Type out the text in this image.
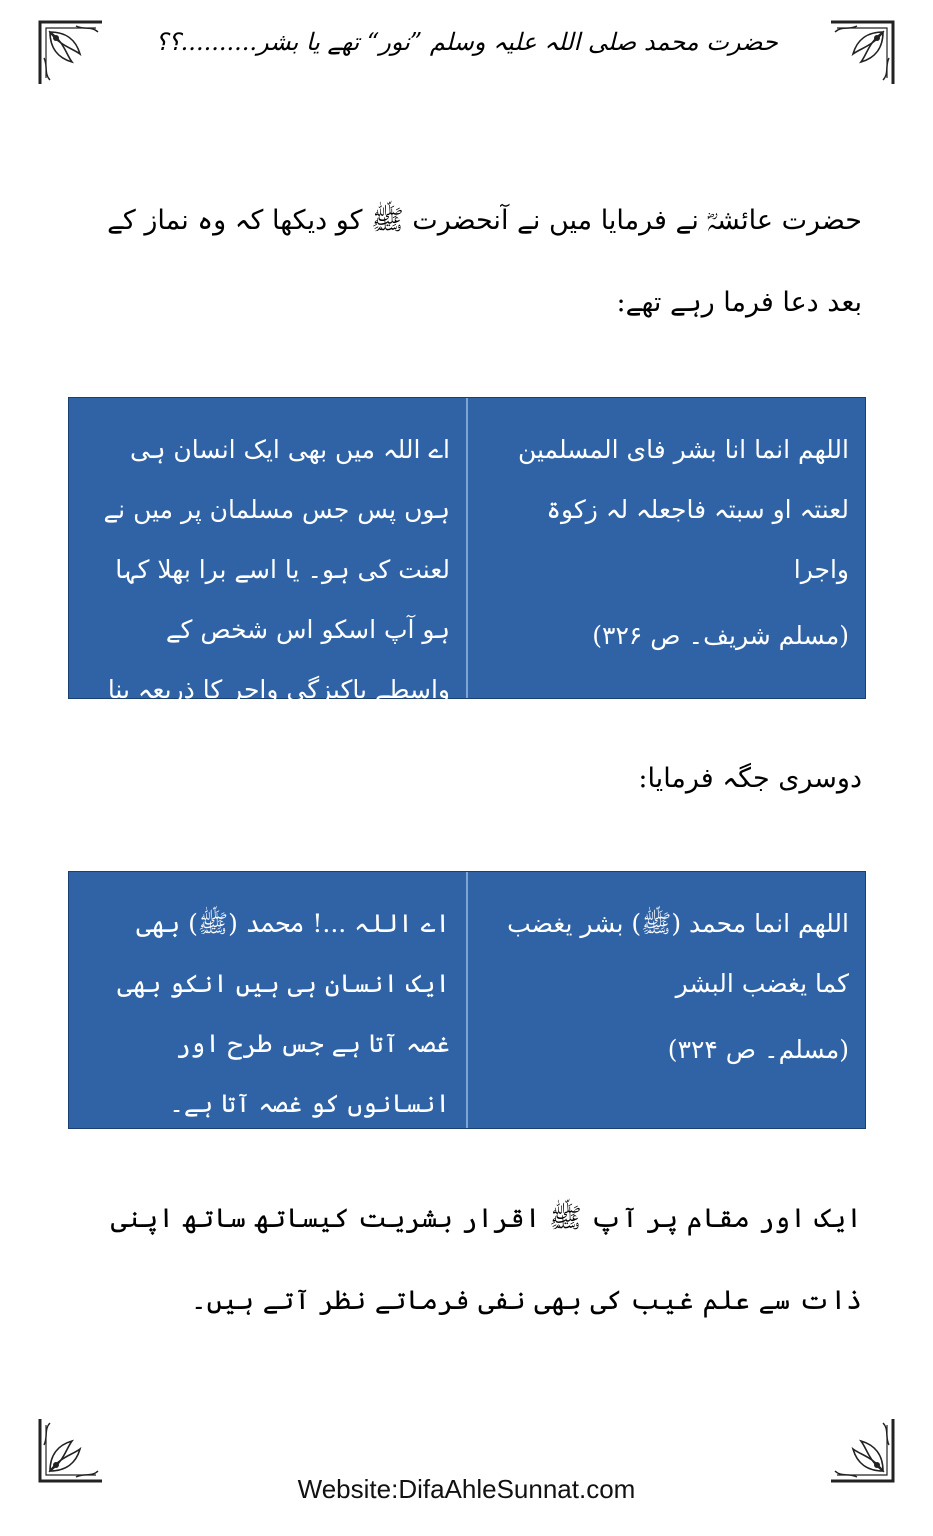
حضرت محمد صلی اللہ علیہ وسلم ”نور“ تھے یا بشر..........؟؟
حضرت عائشہؓ نے فرمایا میں نے آنحضرت ﷺ کو دیکھا کہ وہ نماز کے بعد دعا فرما رہے تھے:
اللھم انما انا بشر فای المسلمین لعنتہ او سبتہ فاجعلہ لہ زکوۃ واجرا
(مسلم شریف۔ ص ۳۲۶)
اے اللہ میں بھی ایک انسان ہی ہوں پس جس مسلمان پر میں نے لعنت کی ہو۔ یا اسے برا بھلا کہا ہو آپ اسکو اس شخص کے واسطے پاکیزگی واجر کا ذریعہ بنا دیجئیے۔
دوسری جگہ فرمایا:
اللھم انما محمد (ﷺ) بشر یغضب کما یغضب البشر
(مسلم۔ ص ۳۲۴)
اے اللہ ...! محمد (ﷺ) بھی ایک انسان ہی ہیں انکو بھی غصہ آتا ہے جس طرح اور انسانوں کو غصہ آتا ہے۔
ایک اور مقام پر آپ ﷺ اقرار بشریت کیساتھ ساتھ اپنی ذات سے علم غیب کی بھی نفی فرماتے نظر آتے ہیں۔
Website:DifaAhleSunnat.com
